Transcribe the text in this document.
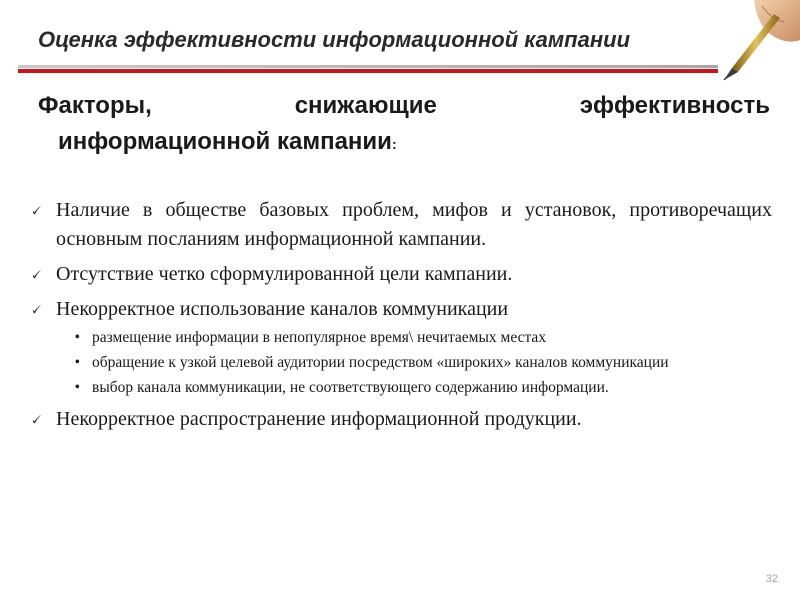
Оценка эффективности информационной кампании
Факторы,	снижающие	эффективность
информационной кампании:
🗸 Наличие в обществе базовых проблем, мифов и установок, противоречащих основным посланиям информационной кампании.
🗸 Отсутствие четко сформулированной цели кампании.
🗸 Некорректное использование каналов коммуникации
• размещение информации в непопулярное время\ нечитаемых местах
• обращение к узкой целевой аудитории посредством «широких» каналов коммуникации
• выбор канала коммуникации, не соответствующего содержанию информации.
🗸 Некорректное распространение информационной продукции.
32
